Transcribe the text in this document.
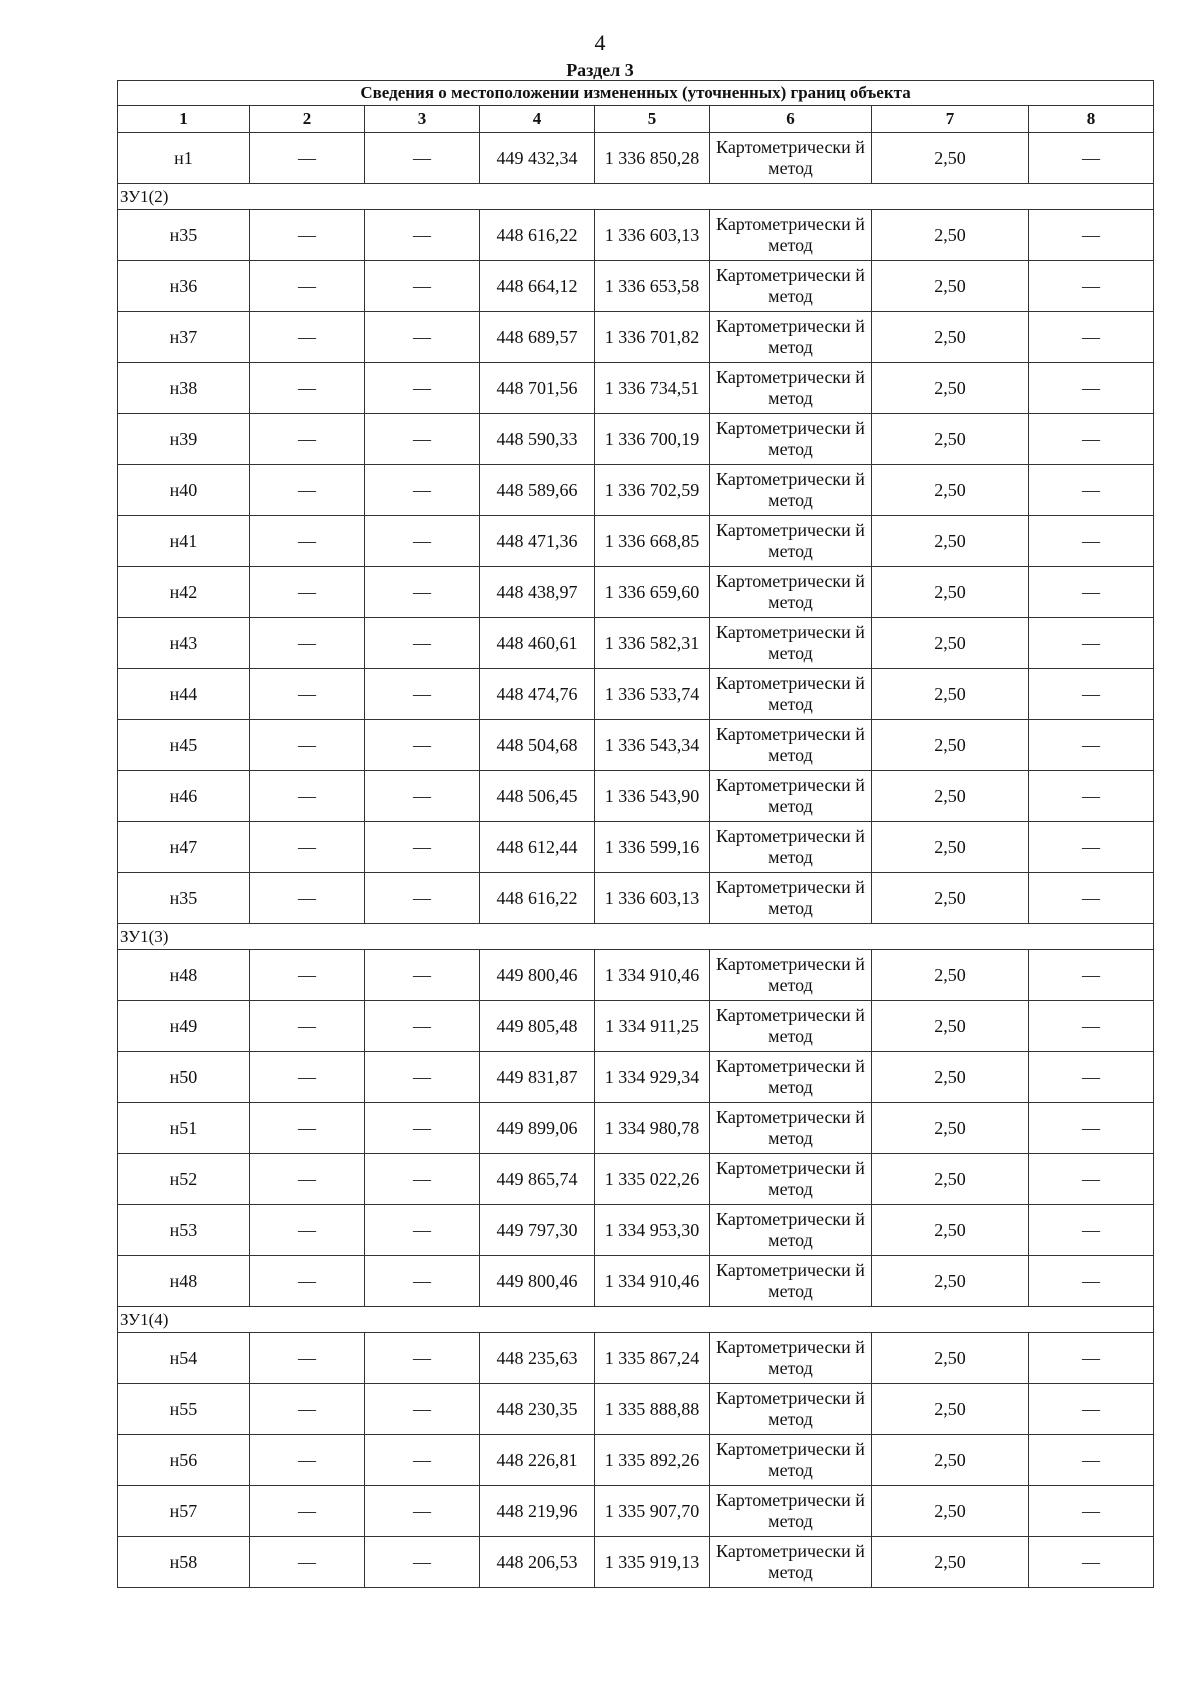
4
Раздел 3
Сведения о местоположении измененных (уточненных) границ объекта							
1	2	3	4	5	6	7	8
н1	—	—	449 432,34	1 336 850,28	Картометрически й метод	2,50	—
ЗУ1(2)							
н35	—	—	448 616,22	1 336 603,13	Картометрически й метод	2,50	—
н36	—	—	448 664,12	1 336 653,58	Картометрически й метод	2,50	—
н37	—	—	448 689,57	1 336 701,82	Картометрически й метод	2,50	—
н38	—	—	448 701,56	1 336 734,51	Картометрически й метод	2,50	—
н39	—	—	448 590,33	1 336 700,19	Картометрически й метод	2,50	—
н40	—	—	448 589,66	1 336 702,59	Картометрически й метод	2,50	—
н41	—	—	448 471,36	1 336 668,85	Картометрически й метод	2,50	—
н42	—	—	448 438,97	1 336 659,60	Картометрически й метод	2,50	—
н43	—	—	448 460,61	1 336 582,31	Картометрически й метод	2,50	—
н44	—	—	448 474,76	1 336 533,74	Картометрически й метод	2,50	—
н45	—	—	448 504,68	1 336 543,34	Картометрически й метод	2,50	—
н46	—	—	448 506,45	1 336 543,90	Картометрически й метод	2,50	—
н47	—	—	448 612,44	1 336 599,16	Картометрически й метод	2,50	—
н35	—	—	448 616,22	1 336 603,13	Картометрически й метод	2,50	—
ЗУ1(3)							
н48	—	—	449 800,46	1 334 910,46	Картометрически й метод	2,50	—
н49	—	—	449 805,48	1 334 911,25	Картометрически й метод	2,50	—
н50	—	—	449 831,87	1 334 929,34	Картометрически й метод	2,50	—
н51	—	—	449 899,06	1 334 980,78	Картометрически й метод	2,50	—
н52	—	—	449 865,74	1 335 022,26	Картометрически й метод	2,50	—
н53	—	—	449 797,30	1 334 953,30	Картометрически й метод	2,50	—
н48	—	—	449 800,46	1 334 910,46	Картометрически й метод	2,50	—
ЗУ1(4)							
н54	—	—	448 235,63	1 335 867,24	Картометрически й метод	2,50	—
н55	—	—	448 230,35	1 335 888,88	Картометрически й метод	2,50	—
н56	—	—	448 226,81	1 335 892,26	Картометрически й метод	2,50	—
н57	—	—	448 219,96	1 335 907,70	Картометрически й метод	2,50	—
н58	—	—	448 206,53	1 335 919,13	Картометрически й метод	2,50	—
